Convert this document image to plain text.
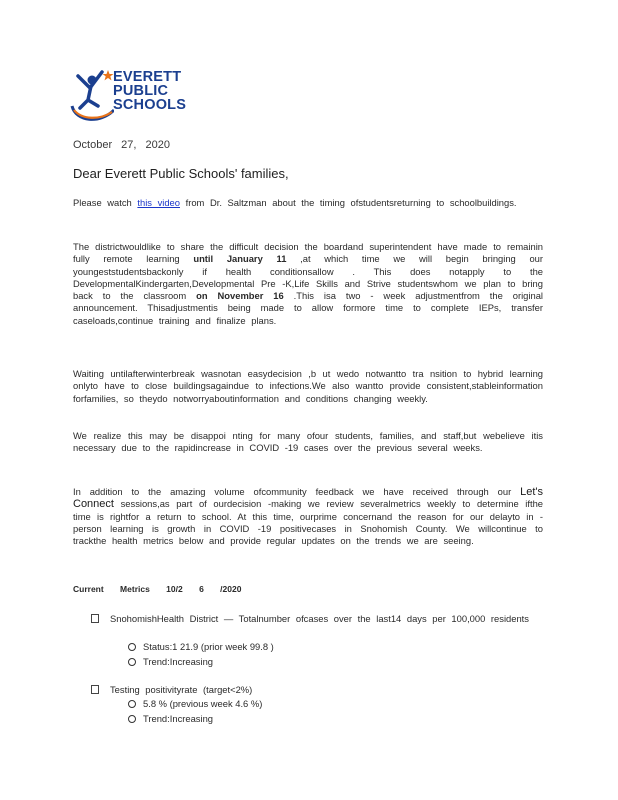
EVERETT
PUBLIC
SCHOOLS
October 27, 2020
Dear Everett Public Schools' families,
Please watch this video from Dr. Saltzman about the timing ofstudentsreturning to schoolbuildings.
The districtwouldlike to share the difficult decision the boardand superintendent have made to remainin fully remote learning until January 11 ,at which time we will begin bringing our youngeststudentsbackonly if health conditionsallow . This does notapply to the DevelopmentalKindergarten,Developmental Pre -K,Life Skills and Strive studentswhom we plan to bring back to the classroom on November 16 .This isa two - week adjustmentfrom the original announcement. Thisadjustmentis being made to allow formore time to complete IEPs, transfer caseloads,continue training and finalize plans.
Waiting untilafterwinterbreak wasnotan easydecision ,b ut wedo notwantto tra nsition to hybrid learning onlyto have to close buildingsagaindue to infections.We also wantto provide consistent,stableinformation forfamilies, so theydo notworryaboutinformation and conditions changing weekly.
We realize this may be disappoi nting for many ofour students, families, and staff,but webelieve itis necessary due to the rapidincrease in COVID -19 cases over the previous several weeks.
In addition to the amazing volume ofcommunity feedback we have received through our Let's Connect sessions,as part of ourdecision -making we review severalmetrics weekly to determine ifthe time is rightfor a return to school. At this time, ourprime concernand the reason for our delayto in -person learning is growth in COVID -19 positivecases in Snohomish County. We willcontinue to trackthe health metrics below and provide regular updates on the trends we are seeing.
Current Metrics 10/2 6 /2020
SnohomishHealth District — Totalnumber ofcases over the last14 days per 100,000 residents
Status:1 21.9 (prior week 99.8 )
Trend:Increasing
Testing positivityrate (target<2%)
5.8 % (previous week 4.6 %)
Trend:Increasing
